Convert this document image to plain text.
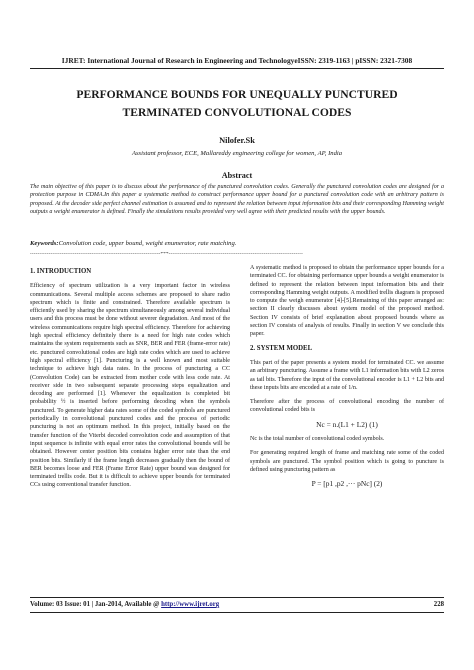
IJRET: International Journal of Research in Engineering and TechnologyeISSN: 2319-1163 | pISSN: 2321-7308
PERFORMANCE BOUNDS FOR UNEQUALLY PUNCTURED TERMINATED CONVOLUTIONAL CODES
Nilofer.Sk
Assistant professor, ECE, Mallareddy engineering college for women, AP, India
Abstract
The main objective of this paper is to discuss about the performance of the punctured convolution codes. Generally the punctured convolution codes are designed for a protection purpose in CDMA.In this paper a systematic method to construct performance upper bound for a punctured convolution code with an arbitrary pattern is proposed. At the decoder side perfect channel estimation is assumed and to represent the relation between input information bits and their corresponding Hamming weight outputs a weight enumerator is defined. Finally the simulations results provided very well agree with their predicted results with the upper bounds.
Keywords:Convolution code, upper bound, weight enumerator, rate matching.
----------------------------------------------------------------------***------------------------------------------------------------------------
1. INTRODUCTION

Efficiency of spectrum utilization is a very important factor in wireless communications. Several multiple access schemes are proposed to share radio spectrum which is finite and constrained. Therefore available spectrum is efficiently used by sharing the spectrum simultaneously among several individual users and this process must be done without severer degradation. And most of the wireless communications require high spectral efficiency. Therefore for achieving high spectral efficiency definitely there is a need for high rate codes which maintains the system requirements such as SNR, BER and FER (frame-error rate) etc. punctured convolutional codes are high rate codes which are used to achieve high spectral efficiency [1]. Puncturing is a well known and most suitable technique to achieve high data rates. In the process of puncturing a CC (Convolution Code) can be extracted from mother code with less code rate. At receiver side in two subsequent separate processing steps equalization and decoding are performed [1]. Whenever the equalization is completed bit probability ½ is inserted before performing decoding when the symbols punctured. To generate higher data rates some of the coded symbols are punctured periodically in convolutional punctured codes and the process of periodic puncturing is not an optimum method. In this project, initially based on the transfer function of the Viterbi decoded convolution code and assumption of that input sequence is infinite with equal error rates the convolutional bounds will be obtained. However center position bits contains higher error rate than the end position bits. Similarly if the frame length decreases gradually then the bound of BER becomes loose and FER (Frame Error Rate) upper bound was designed for terminated trellis code. But it is difficult to achieve upper bounds for terminated CCs using conventional transfer function.

A systematic method is proposed to obtain the performance upper bounds for a terminated CC. for obtaining performance upper bounds a weight enumerator is defined to represent the relation between input information bits and their corresponding Hamming weight outputs. A modified trellis diagram is proposed to compute the weigh enumerator [4]-[5].Remaining of this paper arranged as: section II clearly discusses about system model of the proposed method. Section IV consists of brief explanation about proposed bounds where as section IV consists of analysis of results. Finally in section V we conclude this paper.

2. SYSTEM MODEL

This part of the paper presents a system model for terminated CC. we assume an arbitrary puncturing. Assume a frame with L1 information bits with L2 zeros as tail bits. Therefore the input of the convolutional encoder is L1 + L2 bits and these inputs bits are encoded at a rate of 1/n.

Therefore after the process of convolutional encoding the number of convolutional coded bits is

Nc = n.(L1 + L2) (1)

Nc is the total number of convolutional coded symbols.

For generating required length of frame and matching rate some of the coded symbols are punctured. The symbol position which is going to puncture is defined using puncturing pattern as

P = [p1 ,p2 ,··· pNc] (2)
Volume: 03 Issue: 01 | Jan-2014, Available @ http://www.ijret.org	228
